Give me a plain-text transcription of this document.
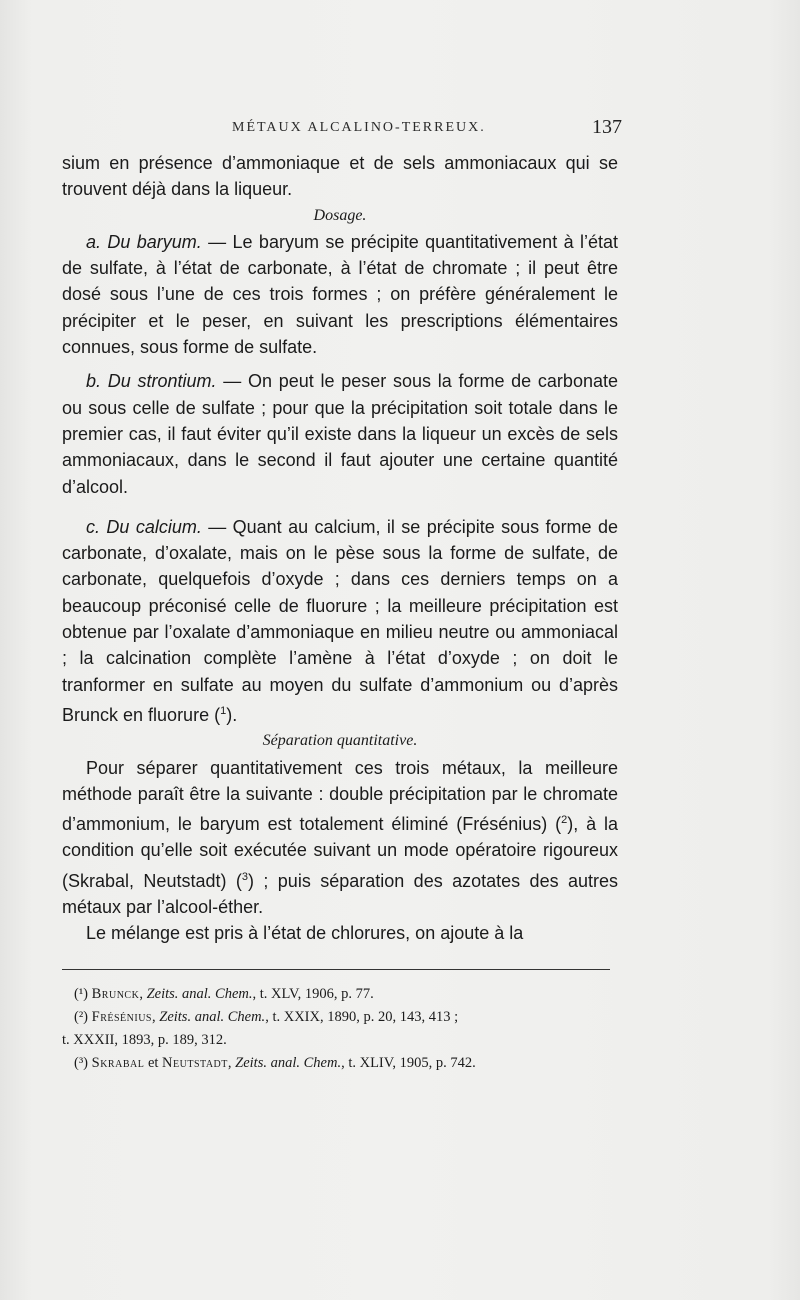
MÉTAUX ALCALINO-TERREUX.	137

sium en présence d’ammoniaque et de sels ammoniacaux qui se trouvent déjà dans la liqueur.

Dosage.

a. Du baryum. — Le baryum se précipite quantitativement à l’état de sulfate, à l’état de carbonate, à l’état de chromate ; il peut être dosé sous l’une de ces trois formes ; on préfère généralement le précipiter et le peser, en suivant les prescriptions élémentaires connues, sous forme de sulfate.

b. Du strontium. — On peut le peser sous la forme de carbonate ou sous celle de sulfate ; pour que la précipitation soit totale dans le premier cas, il faut éviter qu’il existe dans la liqueur un excès de sels ammoniacaux, dans le second il faut ajouter une certaine quantité d’alcool.

c. Du calcium. — Quant au calcium, il se précipite sous forme de carbonate, d’oxalate, mais on le pèse sous la forme de sulfate, de carbonate, quelquefois d’oxyde ; dans ces derniers temps on a beaucoup préconisé celle de fluorure ; la meilleure précipitation est obtenue par l’oxalate d’ammoniaque en milieu neutre ou ammoniacal ; la calcination complète l’amène à l’état d’oxyde ; on doit le tranformer en sulfate au moyen du sulfate d’ammonium ou d’après Brunck en fluorure ($^1$).

Séparation quantitative.

Pour séparer quantitativement ces trois métaux, la meilleure méthode paraît être la suivante : double précipitation par le chromate d’ammonium, le baryum est totalement éliminé (Frésénius) ($^2$), à la condition qu’elle soit exécutée suivant un mode opératoire rigoureux (Skrabal, Neutstadt) ($^3$) ; puis séparation des azotates des autres métaux par l’alcool-éther.

Le mélange est pris à l’état de chlorures, on ajoute à la

(¹) Brunck, Zeits. anal. Chem., t. XLV, 1906, p. 77.

(²) Frésénius, Zeits. anal. Chem., t. XXIX, 1890, p. 20, 143, 413 ;

t. XXXII, 1893, p. 189, 312.

(³) Skrabal et Neutstadt, Zeits. anal. Chem., t. XLIV, 1905, p. 742.
